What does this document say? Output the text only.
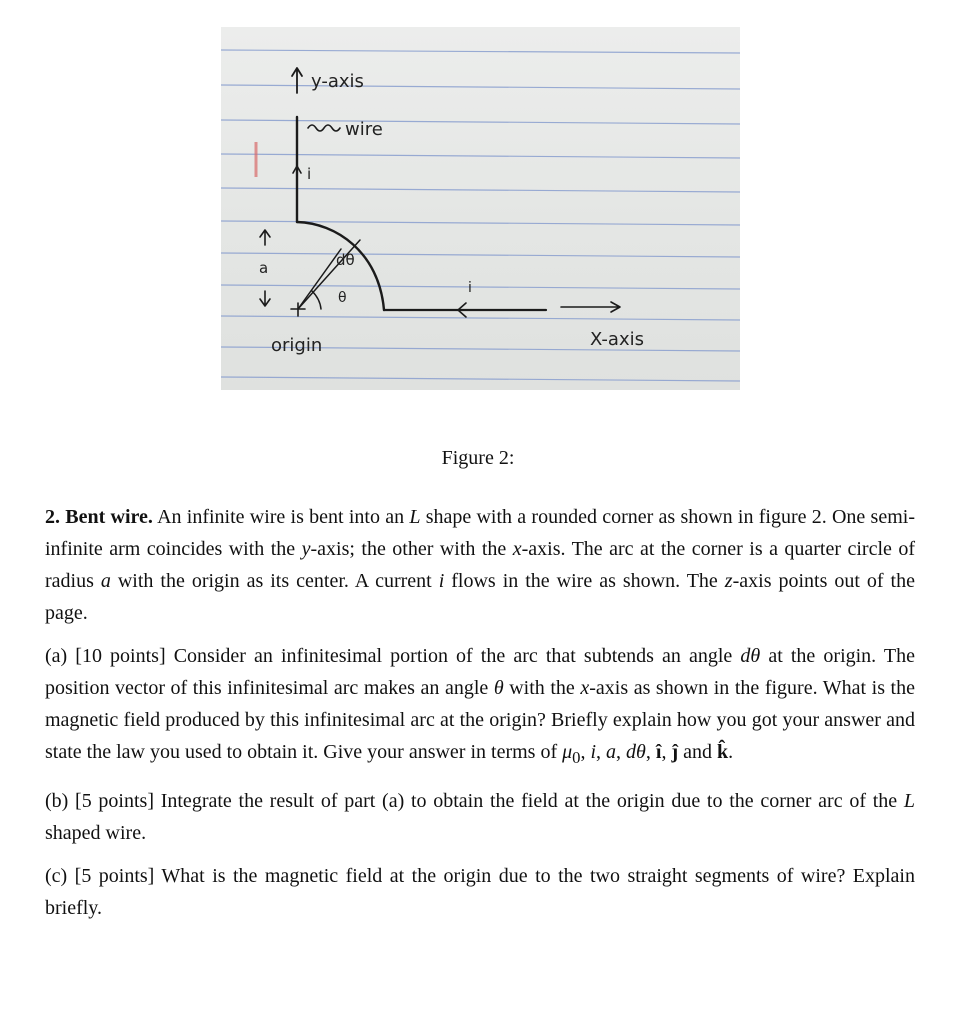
y-axis
wire
i
a	dθ
θ
i
origin	X-axis
Figure 2:

2. Bent wire. An infinite wire is bent into an L shape with a rounded corner as shown in figure 2. One semi-infinite arm coincides with the y-axis; the other with the x-axis. The arc at the corner is a quarter circle of radius a with the origin as its center. A current i flows in the wire as shown. The z-axis points out of the page.

(a) [10 points] Consider an infinitesimal portion of the arc that subtends an angle dθ at the origin. The position vector of this infinitesimal arc makes an angle θ with the x-axis as shown in the figure. What is the magnetic field produced by this infinitesimal arc at the origin? Briefly explain how you got your answer and state the law you used to obtain it. Give your answer in terms of $\mu_0$, i, a, dθ, î, ĵ and k̂.

(b) [5 points] Integrate the result of part (a) to obtain the field at the origin due to the corner arc of the L shaped wire.

(c) [5 points] What is the magnetic field at the origin due to the two straight segments of wire? Explain briefly.
